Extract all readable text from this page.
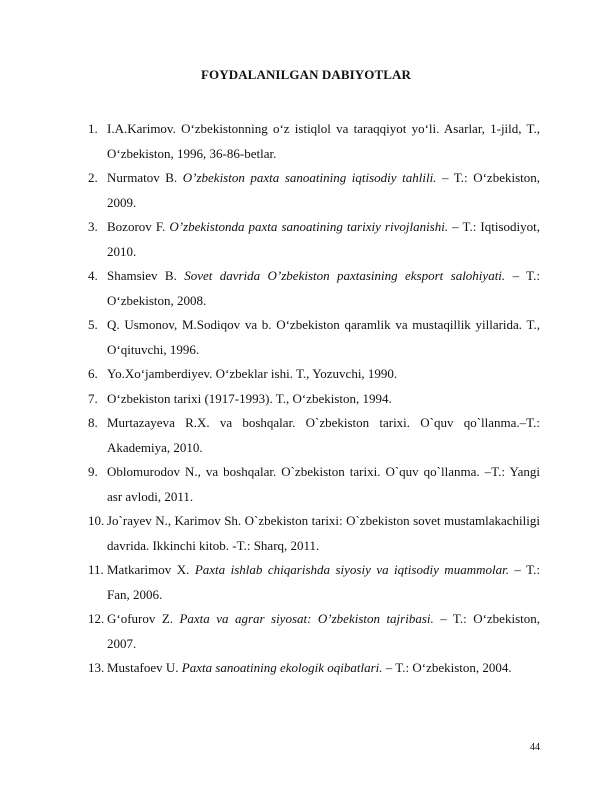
FOYDALANILGAN DABIYOTLAR
1. I.A.Karimov. O‘zbekistonning o‘z istiqlol va taraqqiyot yo‘li. Asarlar, 1-jild, T., O‘zbekiston, 1996, 36-86-betlar.
2. Nurmatov B. O’zbekiston paxta sanoatining iqtisodiy tahlili. – T.: O‘zbekiston, 2009.
3. Bozorov F. O’zbekistonda paxta sanoatining tarixiy rivojlanishi. – T.: Iqtisodiyot, 2010.
4. Shamsiev B. Sovet davrida O’zbekiston paxtasining eksport salohiyati. – T.: O‘zbekiston, 2008.
5. Q. Usmonov, M.Sodiqov va b. O‘zbekiston qaramlik va mustaqillik yillarida. T., O‘qituvchi, 1996.
6. Yo.Xo‘jamberdiyev. O‘zbeklar ishi. T., Yozuvchi, 1990.
7. O‘zbekiston tarixi (1917-1993). T., O‘zbekiston, 1994.
8. Murtazayeva R.X. va boshqalar. O`zbekiston tarixi. O`quv qo`llanma.–T.: Akademiya, 2010.
9. Oblomurodov N., va boshqalar. O`zbekiston tarixi. O`quv qo`llanma. –T.: Yangi asr avlodi, 2011.
10. Jo`rayev N., Karimov Sh. O`zbekiston tarixi: O`zbekiston sovet mustamlakachiligi davrida. Ikkinchi kitob. -T.: Sharq, 2011.
11. Matkarimov X. Paxta ishlab chiqarishda siyosiy va iqtisodiy muammolar. – T.: Fan, 2006.
12. G‘ofurov Z. Paxta va agrar siyosat: O’zbekiston tajribasi. – T.: O‘zbekiston, 2007.
13. Mustafoev U. Paxta sanoatining ekologik oqibatlari. – T.: O‘zbekiston, 2004.
44
